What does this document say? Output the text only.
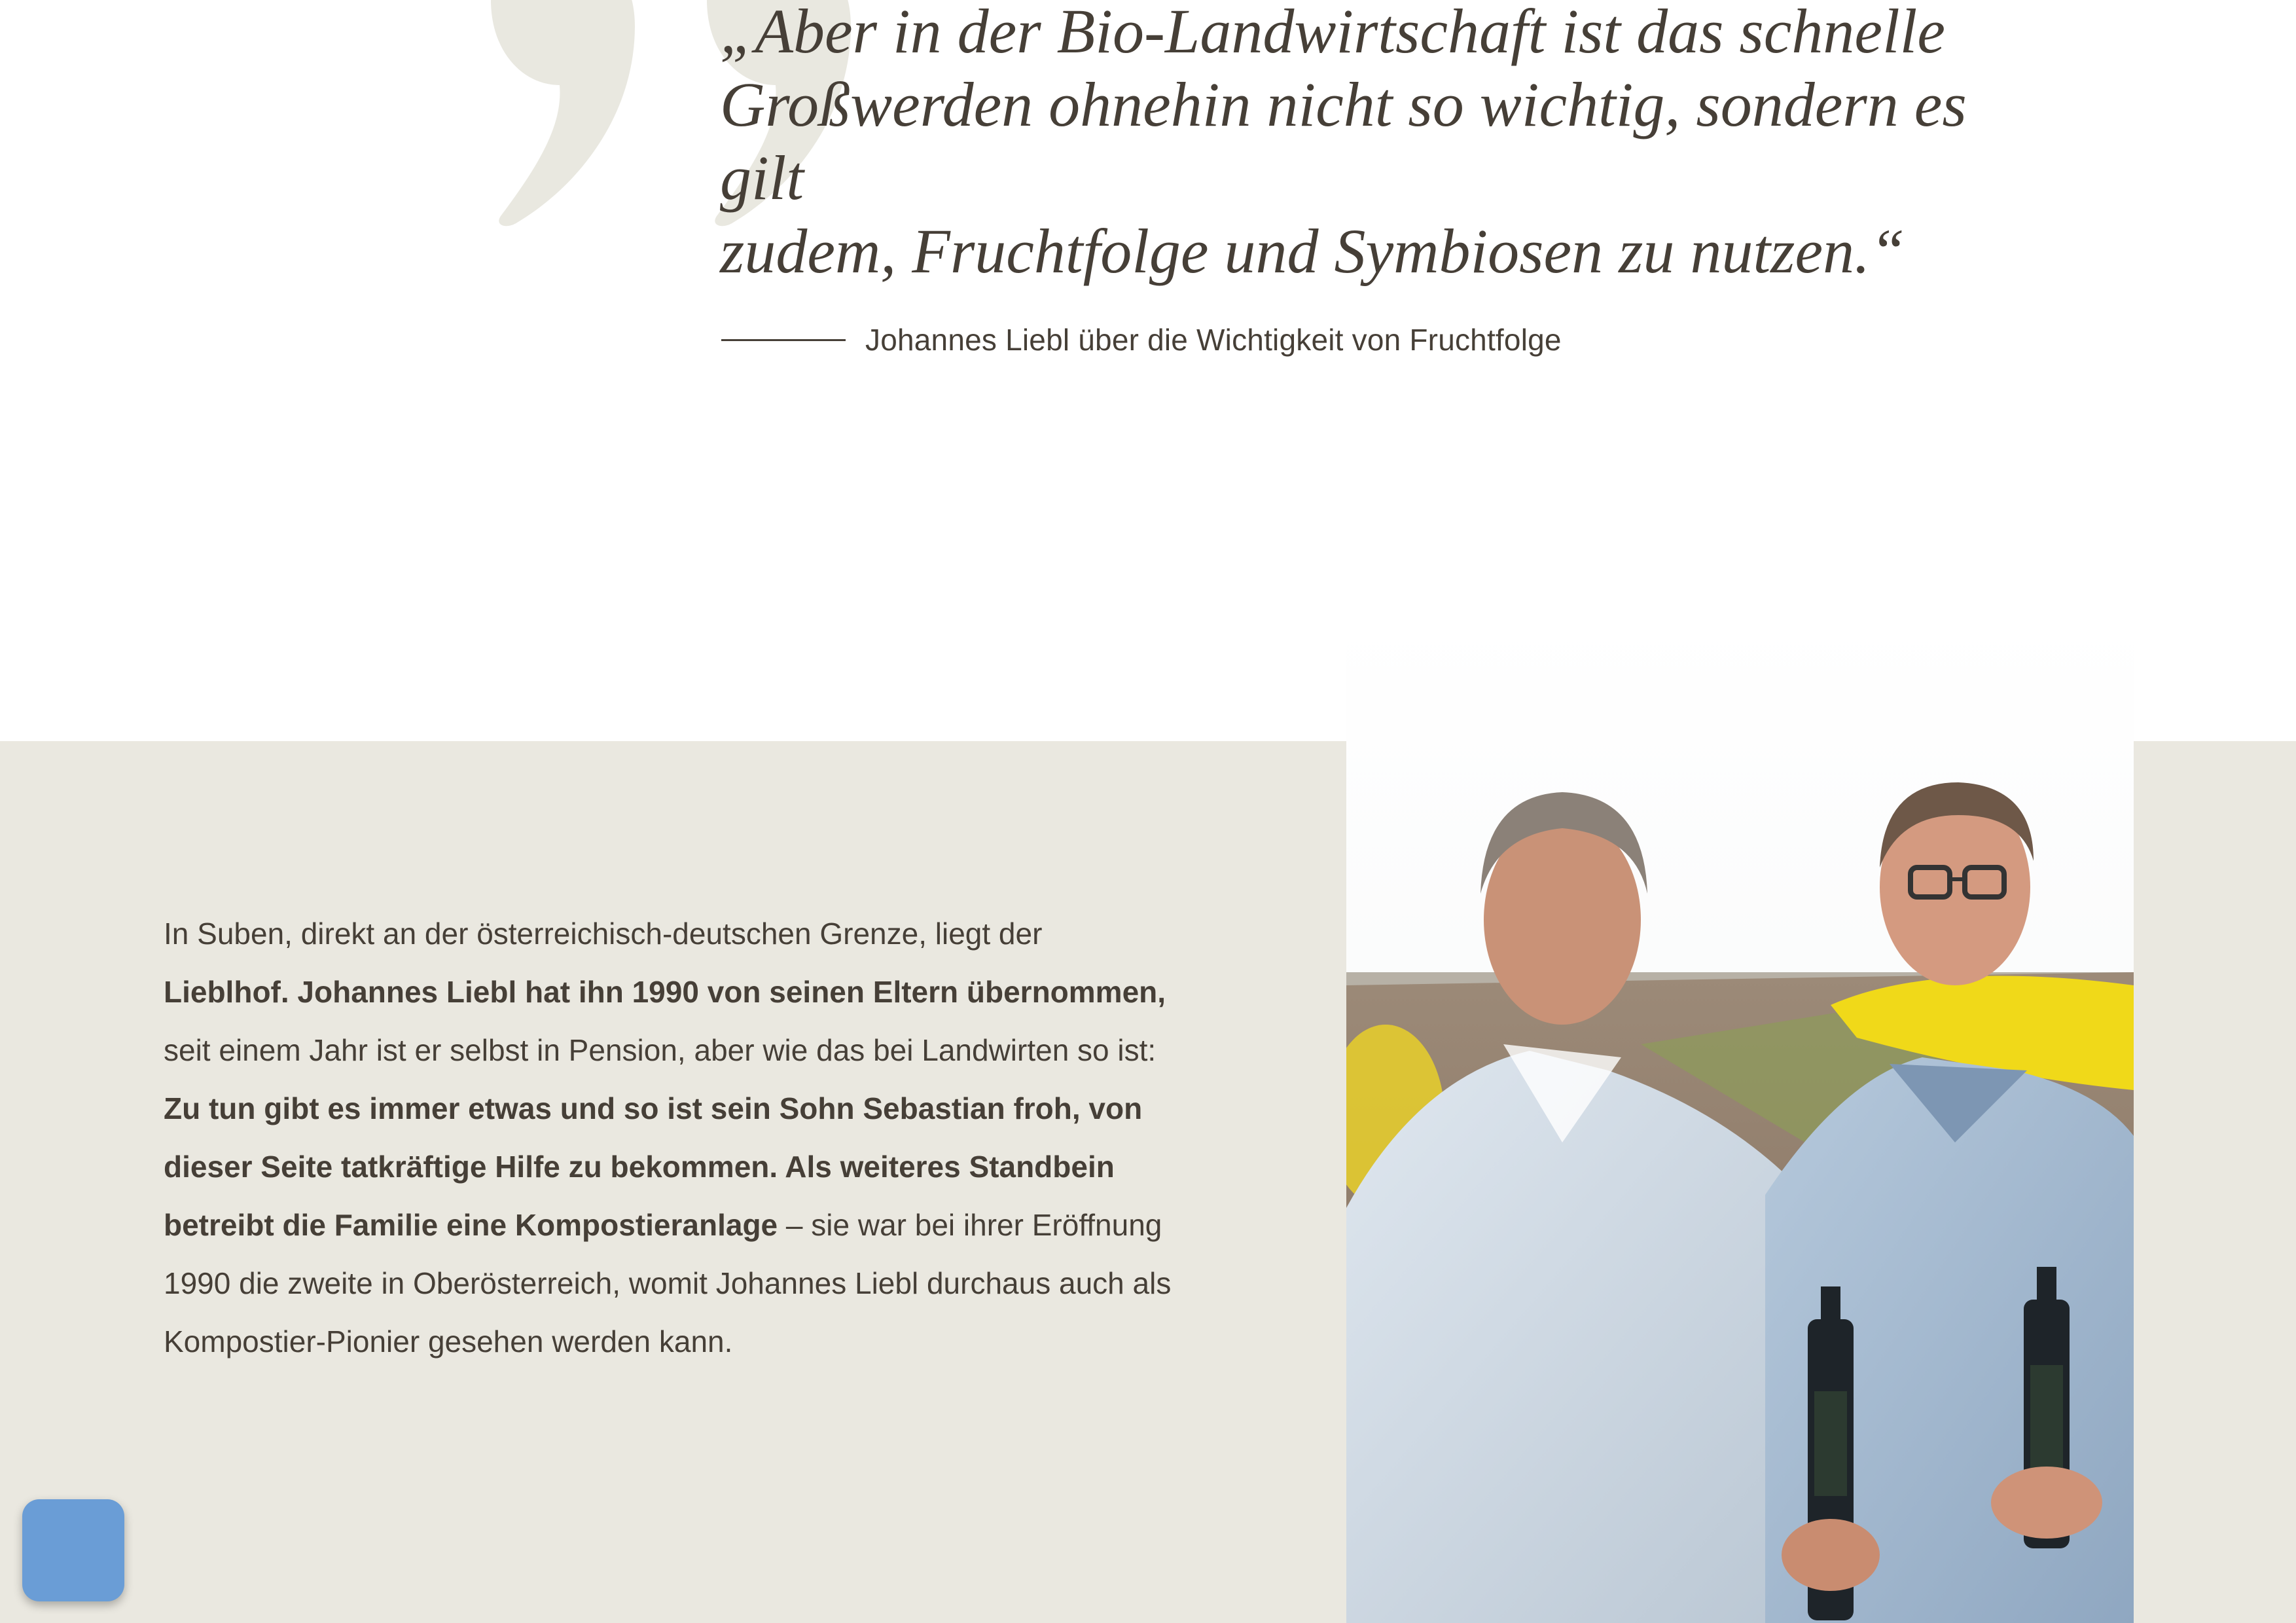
„Aber in der Bio-Landwirtschaft ist das schnelle
Großwerden ohnehin nicht so wichtig, sondern es gilt
zudem, Fruchtfolge und Symbiosen zu nutzen.“
Johannes Liebl über die Wichtigkeit von Fruchtfolge

In Suben, direkt an der österreichisch-deutschen Grenze, liegt der Lieblhof. Johannes Liebl hat ihn 1990 von seinen Eltern übernommen, seit einem Jahr ist er selbst in Pension, aber wie das bei Landwirten so ist: Zu tun gibt es immer etwas und so ist sein Sohn Sebastian froh, von dieser Seite tatkräftige Hilfe zu bekommen. Als weiteres Standbein betreibt die Familie eine Kompostieranlage – sie war bei ihrer Eröffnung 1990 die zweite in Oberösterreich, womit Johannes Liebl durchaus auch als Kompostier-Pionier gesehen werden kann.
